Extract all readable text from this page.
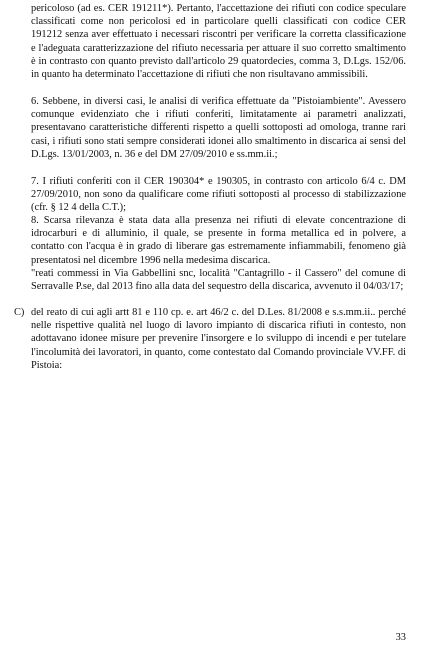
pericoloso (ad es. CER 191211*). Pertanto, l'accettazione dei rifiuti con codice speculare classificati come non pericolosi ed in particolare quelli classificati con codice CER 191212 senza aver effettuato i necessari riscontri per verificare la corretta classificazione e l'adeguata caratterizzazione del rifiuto necessaria per attuare il suo corretto smaltimento è in contrasto con quanto previsto dall'articolo 29 quatordecies, comma 3, D.Lgs. 152/06. in quanto ha determinato l'accettazione di rifiuti che non risultavano ammissibili.

6. Sebbene, in diversi casi, le analisi di verifica effettuate da "Pistoiambiente". Avessero comunque evidenziato che i rifiuti conferiti, limitatamente ai parametri analizzati, presentavano caratteristiche differenti rispetto a quelli sottoposti ad omologa, tranne rari casi, i rifiuti sono stati sempre considerati idonei allo smaltimento in discarica ai sensi del D.Lgs. 13/01/2003, n. 36 e del DM 27/09/2010 e ss.mm.ii.;

7. I rifiuti conferiti con il CER 190304* e 190305, in contrasto con articolo 6/4 c. DM 27/09/2010, non sono da qualificare come rifiuti sottoposti al processo di stabilizzazione (cfr. § 12 4 della C.T.);

8. Scarsa rilevanza è stata data alla presenza nei rifiuti di elevate concentrazione di idrocarburi e di alluminio, il quale, se presente in forma metallica ed in polvere, a contatto con l'acqua è in grado di liberare gas estremamente infiammabili, fenomeno già presentatosi nel dicembre 1996 nella medesima discarica.

"reati commessi in Via Gabbellini snc, località "Cantagrillo - il Cassero" del comune di Serravalle P.se, dal 2013 fino alla data del sequestro della discarica, avvenuto il 04/03/17;

C) del reato di cui agli artt 81 e 110 cp. e. art 46/2 c. del D.Les. 81/2008 e s.s.mm.ii.. perché nelle rispettive qualità nel luogo di lavoro impianto di discarica rifiuti in contesto, non adottavano idonee misure per prevenire l'insorgere e lo sviluppo di incendi e per tutelare l'incolumità dei lavoratori, in quanto, come contestato dal Comando provinciale VV.FF. di Pistoia:

33
